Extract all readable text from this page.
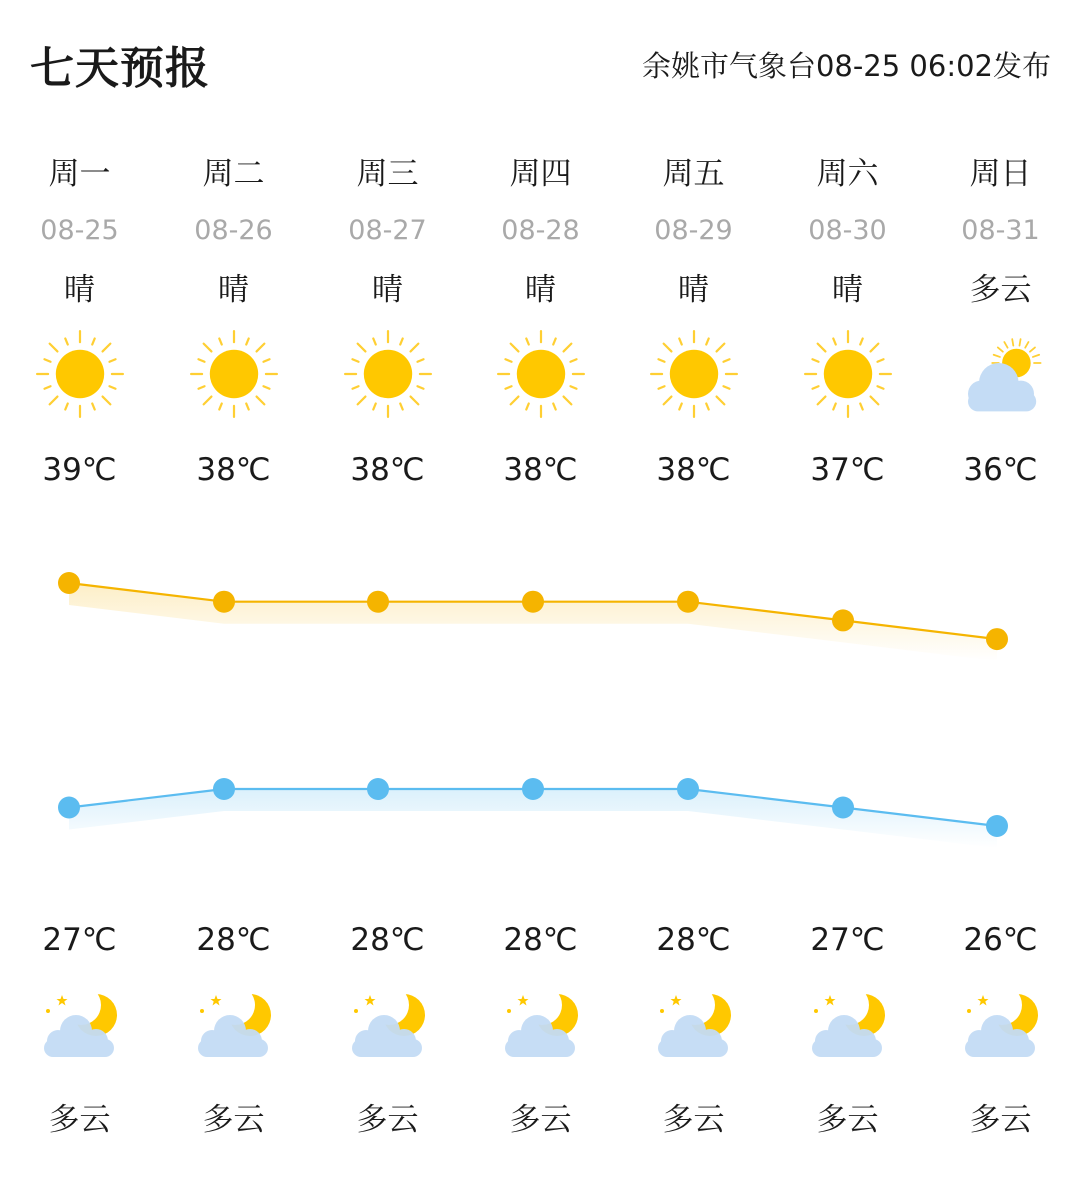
七天预报	余姚市气象台08-25 06:02发布
周一
08-25
晴
39℃
27℃
多云
周二
08-26
晴
38℃
28℃
多云
周三
08-27
晴
38℃
28℃
多云
周四
08-28
晴
38℃
28℃
多云
周五
08-29
晴
38℃
28℃
多云
周六
08-30
晴
37℃
27℃
多云
周日
08-31
多云
36℃
26℃
多云
